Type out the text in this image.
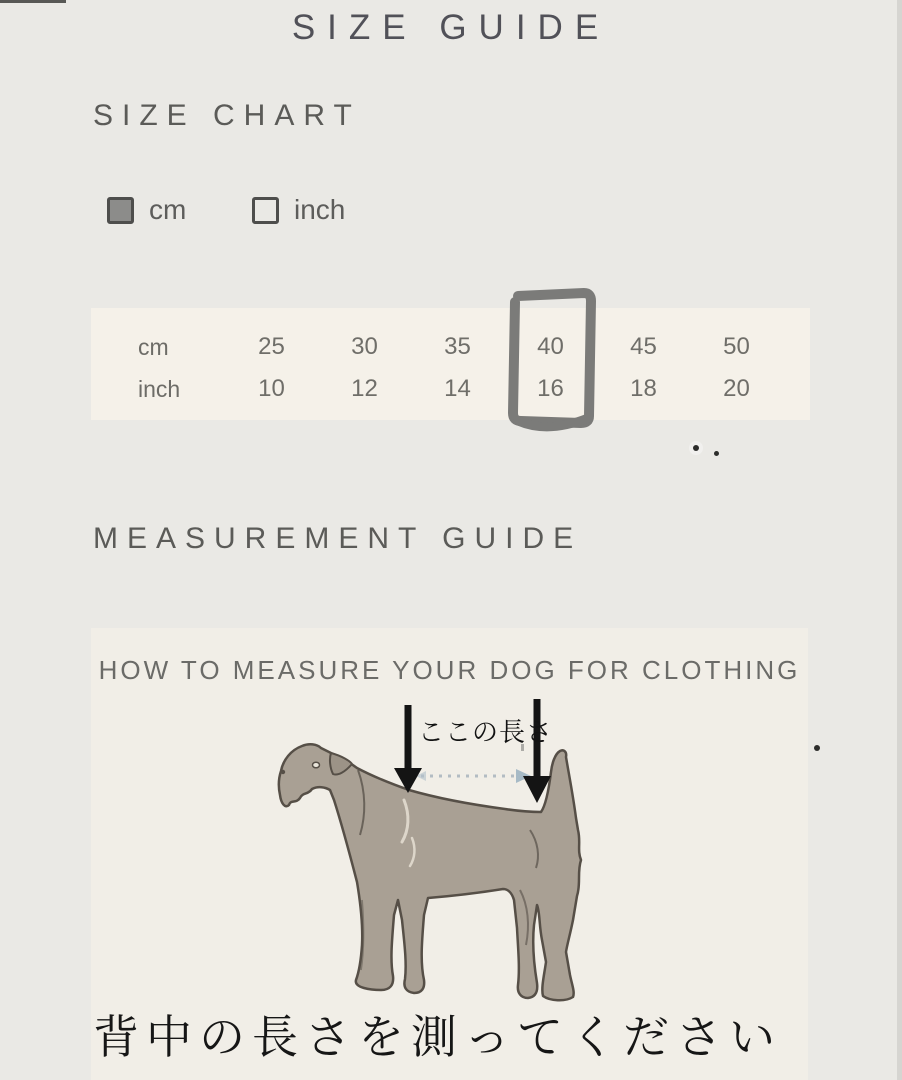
SIZE GUIDE
SIZE CHART
cm	inch
cm	25	30	35	40	45	50
inch	10	12	14	16	18	20
MEASUREMENT GUIDE
HOW TO MEASURE YOUR DOG FOR CLOTHING
ここの長さ
背中の長さを測ってください
